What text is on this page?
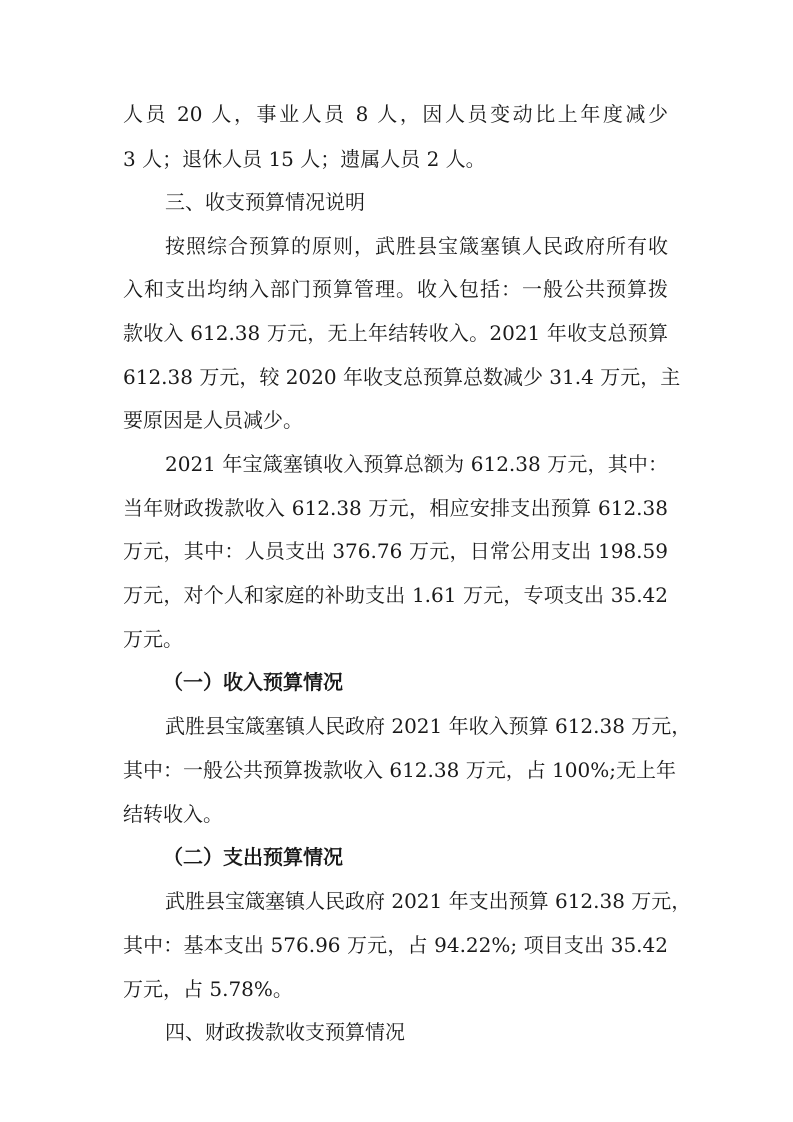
人员 20 人，事业人员 8 人，因人员变动比上年度减少
3 人；退休人员 15 人；遗属人员 2 人。
三、收支预算情况说明
按照综合预算的原则，武胜县宝箴塞镇人民政府所有收
入和支出均纳入部门预算管理。收入包括：一般公共预算拨
款收入 612.38 万元，无上年结转收入。2021 年收支总预算
612.38 万元，较 2020 年收支总预算总数减少 31.4 万元，主
要原因是人员减少。
2021 年宝箴塞镇收入预算总额为 612.38 万元，其中：
当年财政拨款收入 612.38 万元，相应安排支出预算 612.38
万元，其中：人员支出 376.76 万元，日常公用支出 198.59
万元，对个人和家庭的补助支出 1.61 万元，专项支出 35.42
万元。
（一）收入预算情况
武胜县宝箴塞镇人民政府 2021 年收入预算 612.38 万元，
其中：一般公共预算拨款收入 612.38 万元，占 100%;无上年
结转收入。
（二）支出预算情况
武胜县宝箴塞镇人民政府 2021 年支出预算 612.38 万元，
其中：基本支出 576.96 万元，占 94.22%; 项目支出 35.42
万元，占 5.78%。
四、财政拨款收支预算情况
